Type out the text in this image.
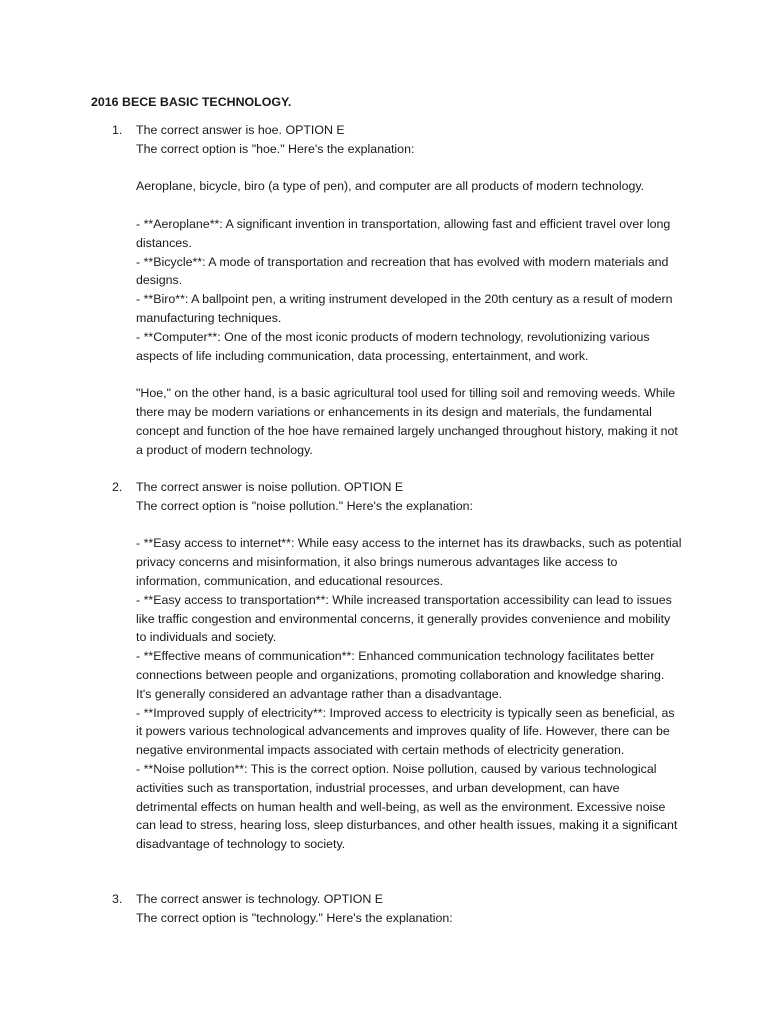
2016 BECE BASIC TECHNOLOGY.
1.	The correct answer is hoe. OPTION E
The correct option is "hoe." Here's the explanation:
Aeroplane, bicycle, biro (a type of pen), and computer are all products of modern technology.
- **Aeroplane**: A significant invention in transportation, allowing fast and efficient travel over long distances.
- **Bicycle**: A mode of transportation and recreation that has evolved with modern materials and designs.
- **Biro**: A ballpoint pen, a writing instrument developed in the 20th century as a result of modern manufacturing techniques.
- **Computer**: One of the most iconic products of modern technology, revolutionizing various aspects of life including communication, data processing, entertainment, and work.
"Hoe," on the other hand, is a basic agricultural tool used for tilling soil and removing weeds. While there may be modern variations or enhancements in its design and materials, the fundamental concept and function of the hoe have remained largely unchanged throughout history, making it not a product of modern technology.
2.	The correct answer is noise pollution. OPTION E
The correct option is "noise pollution." Here's the explanation:
- **Easy access to internet**: While easy access to the internet has its drawbacks, such as potential privacy concerns and misinformation, it also brings numerous advantages like access to information, communication, and educational resources.
- **Easy access to transportation**: While increased transportation accessibility can lead to issues like traffic congestion and environmental concerns, it generally provides convenience and mobility to individuals and society.
- **Effective means of communication**: Enhanced communication technology facilitates better connections between people and organizations, promoting collaboration and knowledge sharing. It's generally considered an advantage rather than a disadvantage.
- **Improved supply of electricity**: Improved access to electricity is typically seen as beneficial, as it powers various technological advancements and improves quality of life. However, there can be negative environmental impacts associated with certain methods of electricity generation.
- **Noise pollution**: This is the correct option. Noise pollution, caused by various technological activities such as transportation, industrial processes, and urban development, can have detrimental effects on human health and well-being, as well as the environment. Excessive noise can lead to stress, hearing loss, sleep disturbances, and other health issues, making it a significant disadvantage of technology to society.
3.	The correct answer is technology. OPTION E
The correct option is "technology." Here's the explanation:
